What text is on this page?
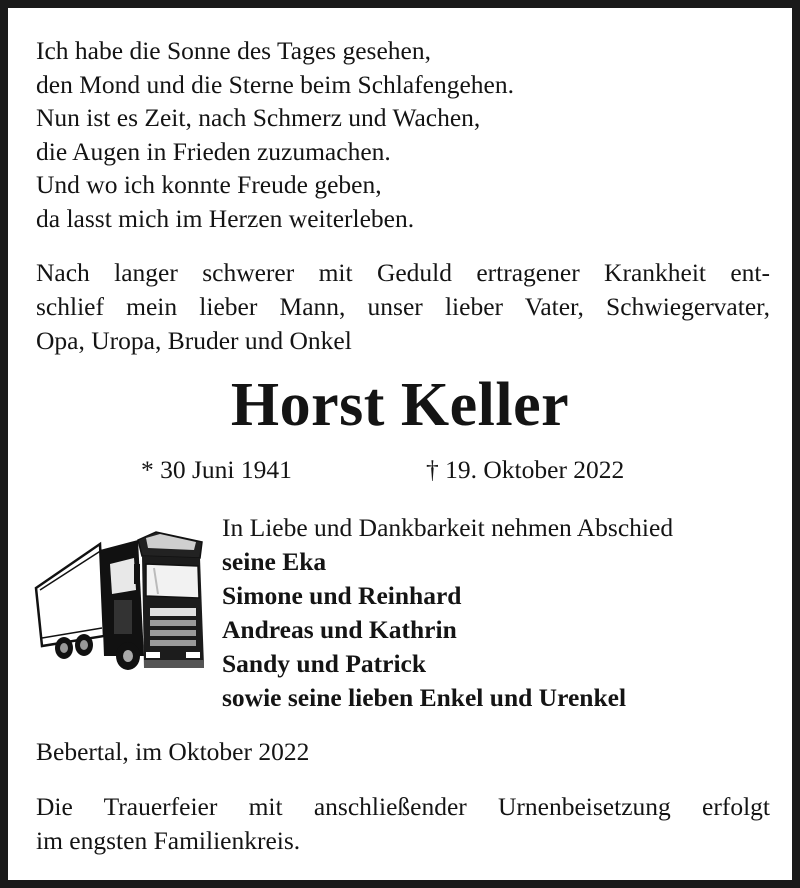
Ich habe die Sonne des Tages gesehen,
den Mond und die Sterne beim Schlafengehen.
Nun ist es Zeit, nach Schmerz und Wachen,
die Augen in Frieden zuzumachen.
Und wo ich konnte Freude geben,
da lasst mich im Herzen weiterleben.
Nach langer schwerer mit Geduld ertragener Krankheit ent-
schlief mein lieber Mann, unser lieber Vater, Schwiegervater,
Opa, Uropa, Bruder und Onkel
Horst Keller
* 30 Juni 1941	† 19. Oktober 2022
In Liebe und Dankbarkeit nehmen Abschied
seine Eka
Simone und Reinhard
Andreas und Kathrin
Sandy und Patrick
sowie seine lieben Enkel und Urenkel
Bebertal, im Oktober 2022
Die Trauerfeier mit anschließender Urnenbeisetzung erfolgt
im engsten Familienkreis.
